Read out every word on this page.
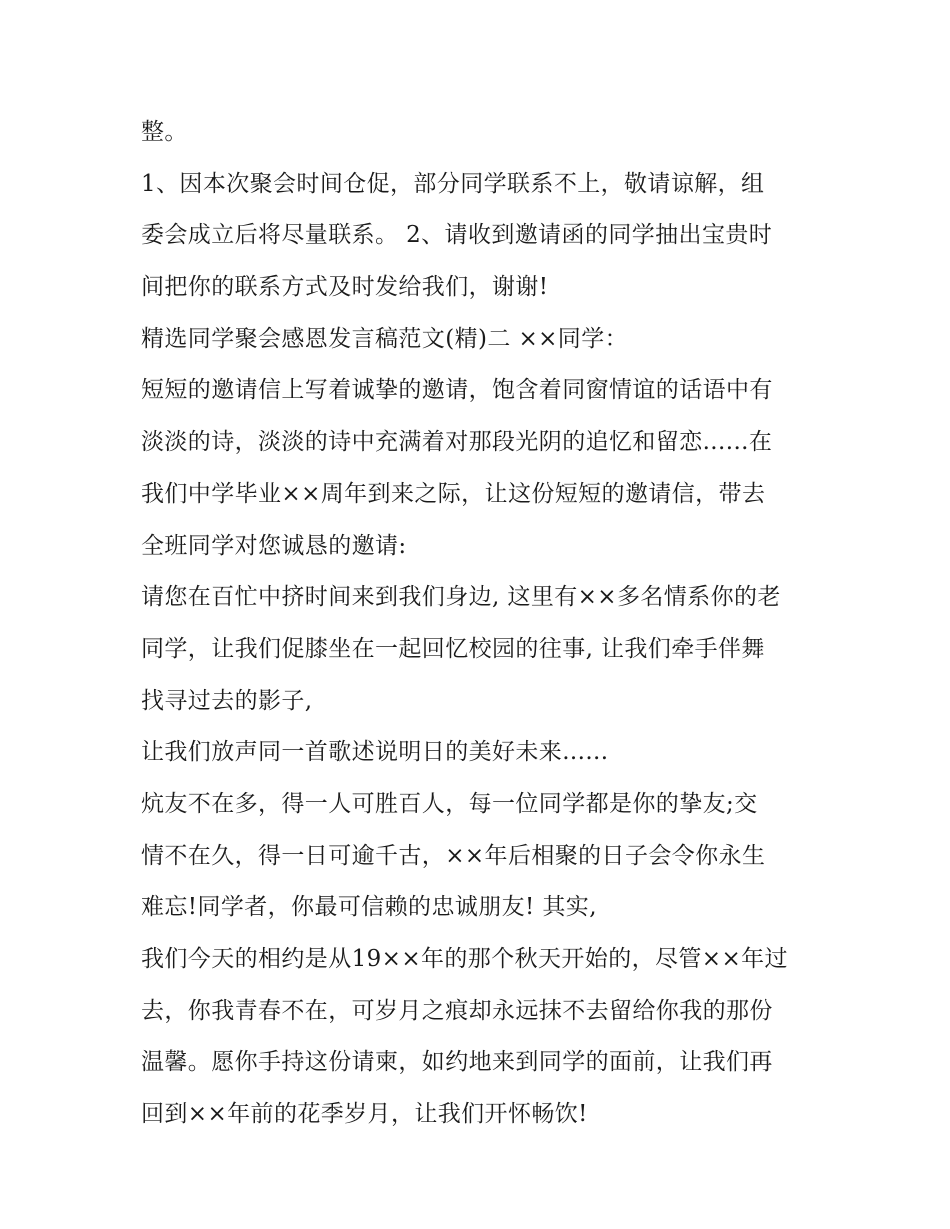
整。
1、因本次聚会时间仓促，部分同学联系不上，敬请谅解，组
委会成立后将尽量联系。 2、请收到邀请函的同学抽出宝贵时
间把你的联系方式及时发给我们，谢谢!
精选同学聚会感恩发言稿范文(精)二 ××同学：
短短的邀请信上写着诚挚的邀请，饱含着同窗情谊的话语中有
淡淡的诗，淡淡的诗中充满着对那段光阴的追忆和留恋......在
我们中学毕业××周年到来之际，让这份短短的邀请信，带去
全班同学对您诚恳的邀请:
请您在百忙中挤时间来到我们身边, 这里有××多名情系你的老
同学，让我们促膝坐在一起回忆校园的往事, 让我们牵手伴舞
找寻过去的影子,
让我们放声同一首歌述说明日的美好未来......
炕友不在多，得一人可胜百人，每一位同学都是你的挚友;交
情不在久，得一日可逾千古，××年后相聚的日子会令你永生
难忘!同学者，你最可信赖的忠诚朋友! 其实,
我们今天的相约是从19××年的那个秋天开始的，尽管××年过
去，你我青春不在，可岁月之痕却永远抹不去留给你我的那份
温馨。愿你手持这份请柬，如约地来到同学的面前，让我们再
回到××年前的花季岁月，让我们开怀畅饮!
